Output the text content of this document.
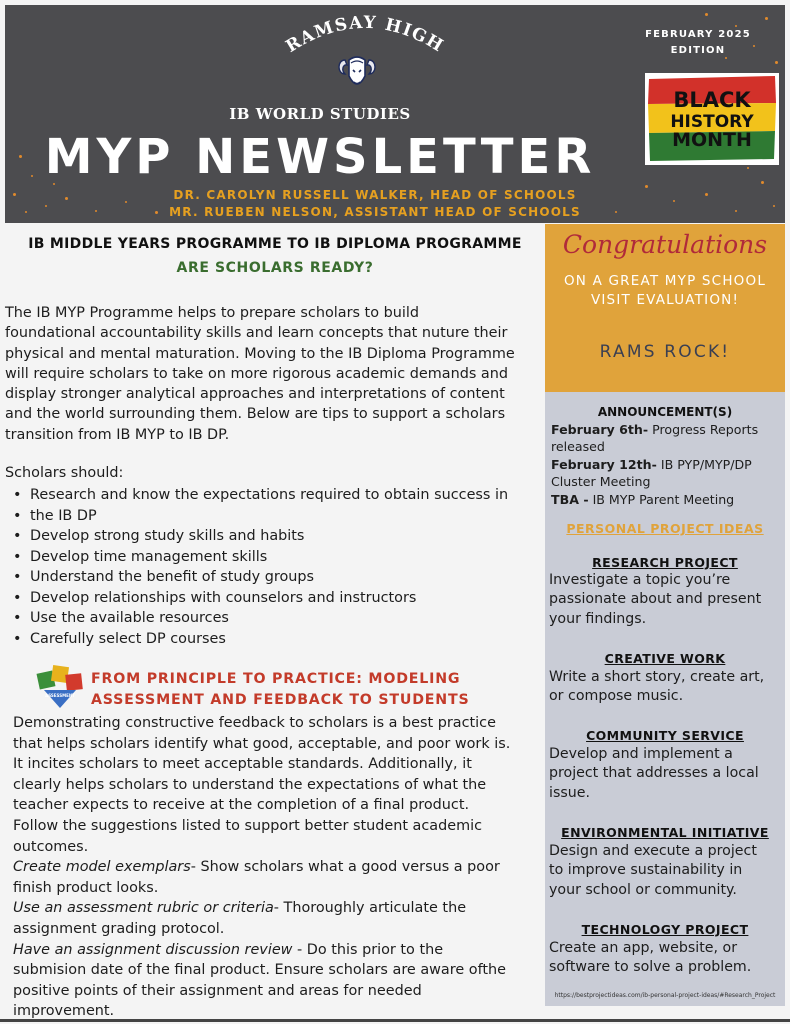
RAMSAY HIGH
IB WORLD STUDIES
MYP NEWSLETTER
DR. CAROLYN RUSSELL WALKER, HEAD OF SCHOOLS
MR. RUEBEN NELSON, ASSISTANT HEAD OF SCHOOLS
FEBRUARY 2025
EDITION
BLACK
HISTORY
MONTH
IB MIDDLE YEARS PROGRAMME TO IB DIPLOMA PROGRAMME
ARE SCHOLARS READY?
The IB MYP Programme helps to prepare scholars to build
foundational accountability skills and learn concepts that nuture their
physical and mental maturation. Moving to the IB Diploma Programme
will require scholars to take on more rigorous academic demands and
display stronger analytical approaches and interpretations of content
and the world surrounding them. Below are tips to support a scholars
transition from IB MYP to IB DP.
Scholars should:
• Research and know the expectations required to obtain success in
• the IB DP
• Develop strong study skills and habits
• Develop time management skills
• Understand the benefit of study groups
• Develop relationships with counselors and instructors
• Use the available resources
• Carefully select DP courses
ASSESSMENT
FROM PRINCIPLE TO PRACTICE: MODELING
ASSESSMENT AND FEEDBACK TO STUDENTS

Demonstrating constructive feedback to scholars is a best practice

that helps scholars identify what good, acceptable, and poor work is.

It incites scholars to meet acceptable standards. Additionally, it

clearly helps scholars to understand the expectations of what the

teacher expects to receive at the completion of a final product.

Follow the suggestions listed to support better student academic

outcomes.

Create model exemplars- Show scholars what a good versus a poor

finish product looks.

Use an assessment rubric or criteria- Thoroughly articulate the

assignment grading protocol.

Have an assignment discussion review - Do this prior to the

submision date of the final product. Ensure scholars are aware ofthe

positive points of their assignment and areas for needed

improvement.

Congratulations
ON A GREAT MYP SCHOOL
VISIT EVALUATION!
RAMS ROCK!
ANNOUNCEMENT(S)
February 6th- Progress Reports
released
February 12th- IB PYP/MYP/DP
Cluster Meeting
TBA - IB MYP Parent Meeting
PERSONAL PROJECT IDEAS
RESEARCH PROJECT
Investigate a topic you’re
passionate about and present
your findings.
CREATIVE WORK
Write a short story, create art,
or compose music.
COMMUNITY SERVICE
Develop and implement a
project that addresses a local
issue.
ENVIRONMENTAL INITIATIVE
Design and execute a project
to improve sustainability in
your school or community.
TECHNOLOGY PROJECT
Create an app, website, or
software to solve a problem.
https://bestprojectideas.com/ib-personal-project-ideas/#Research_Project
